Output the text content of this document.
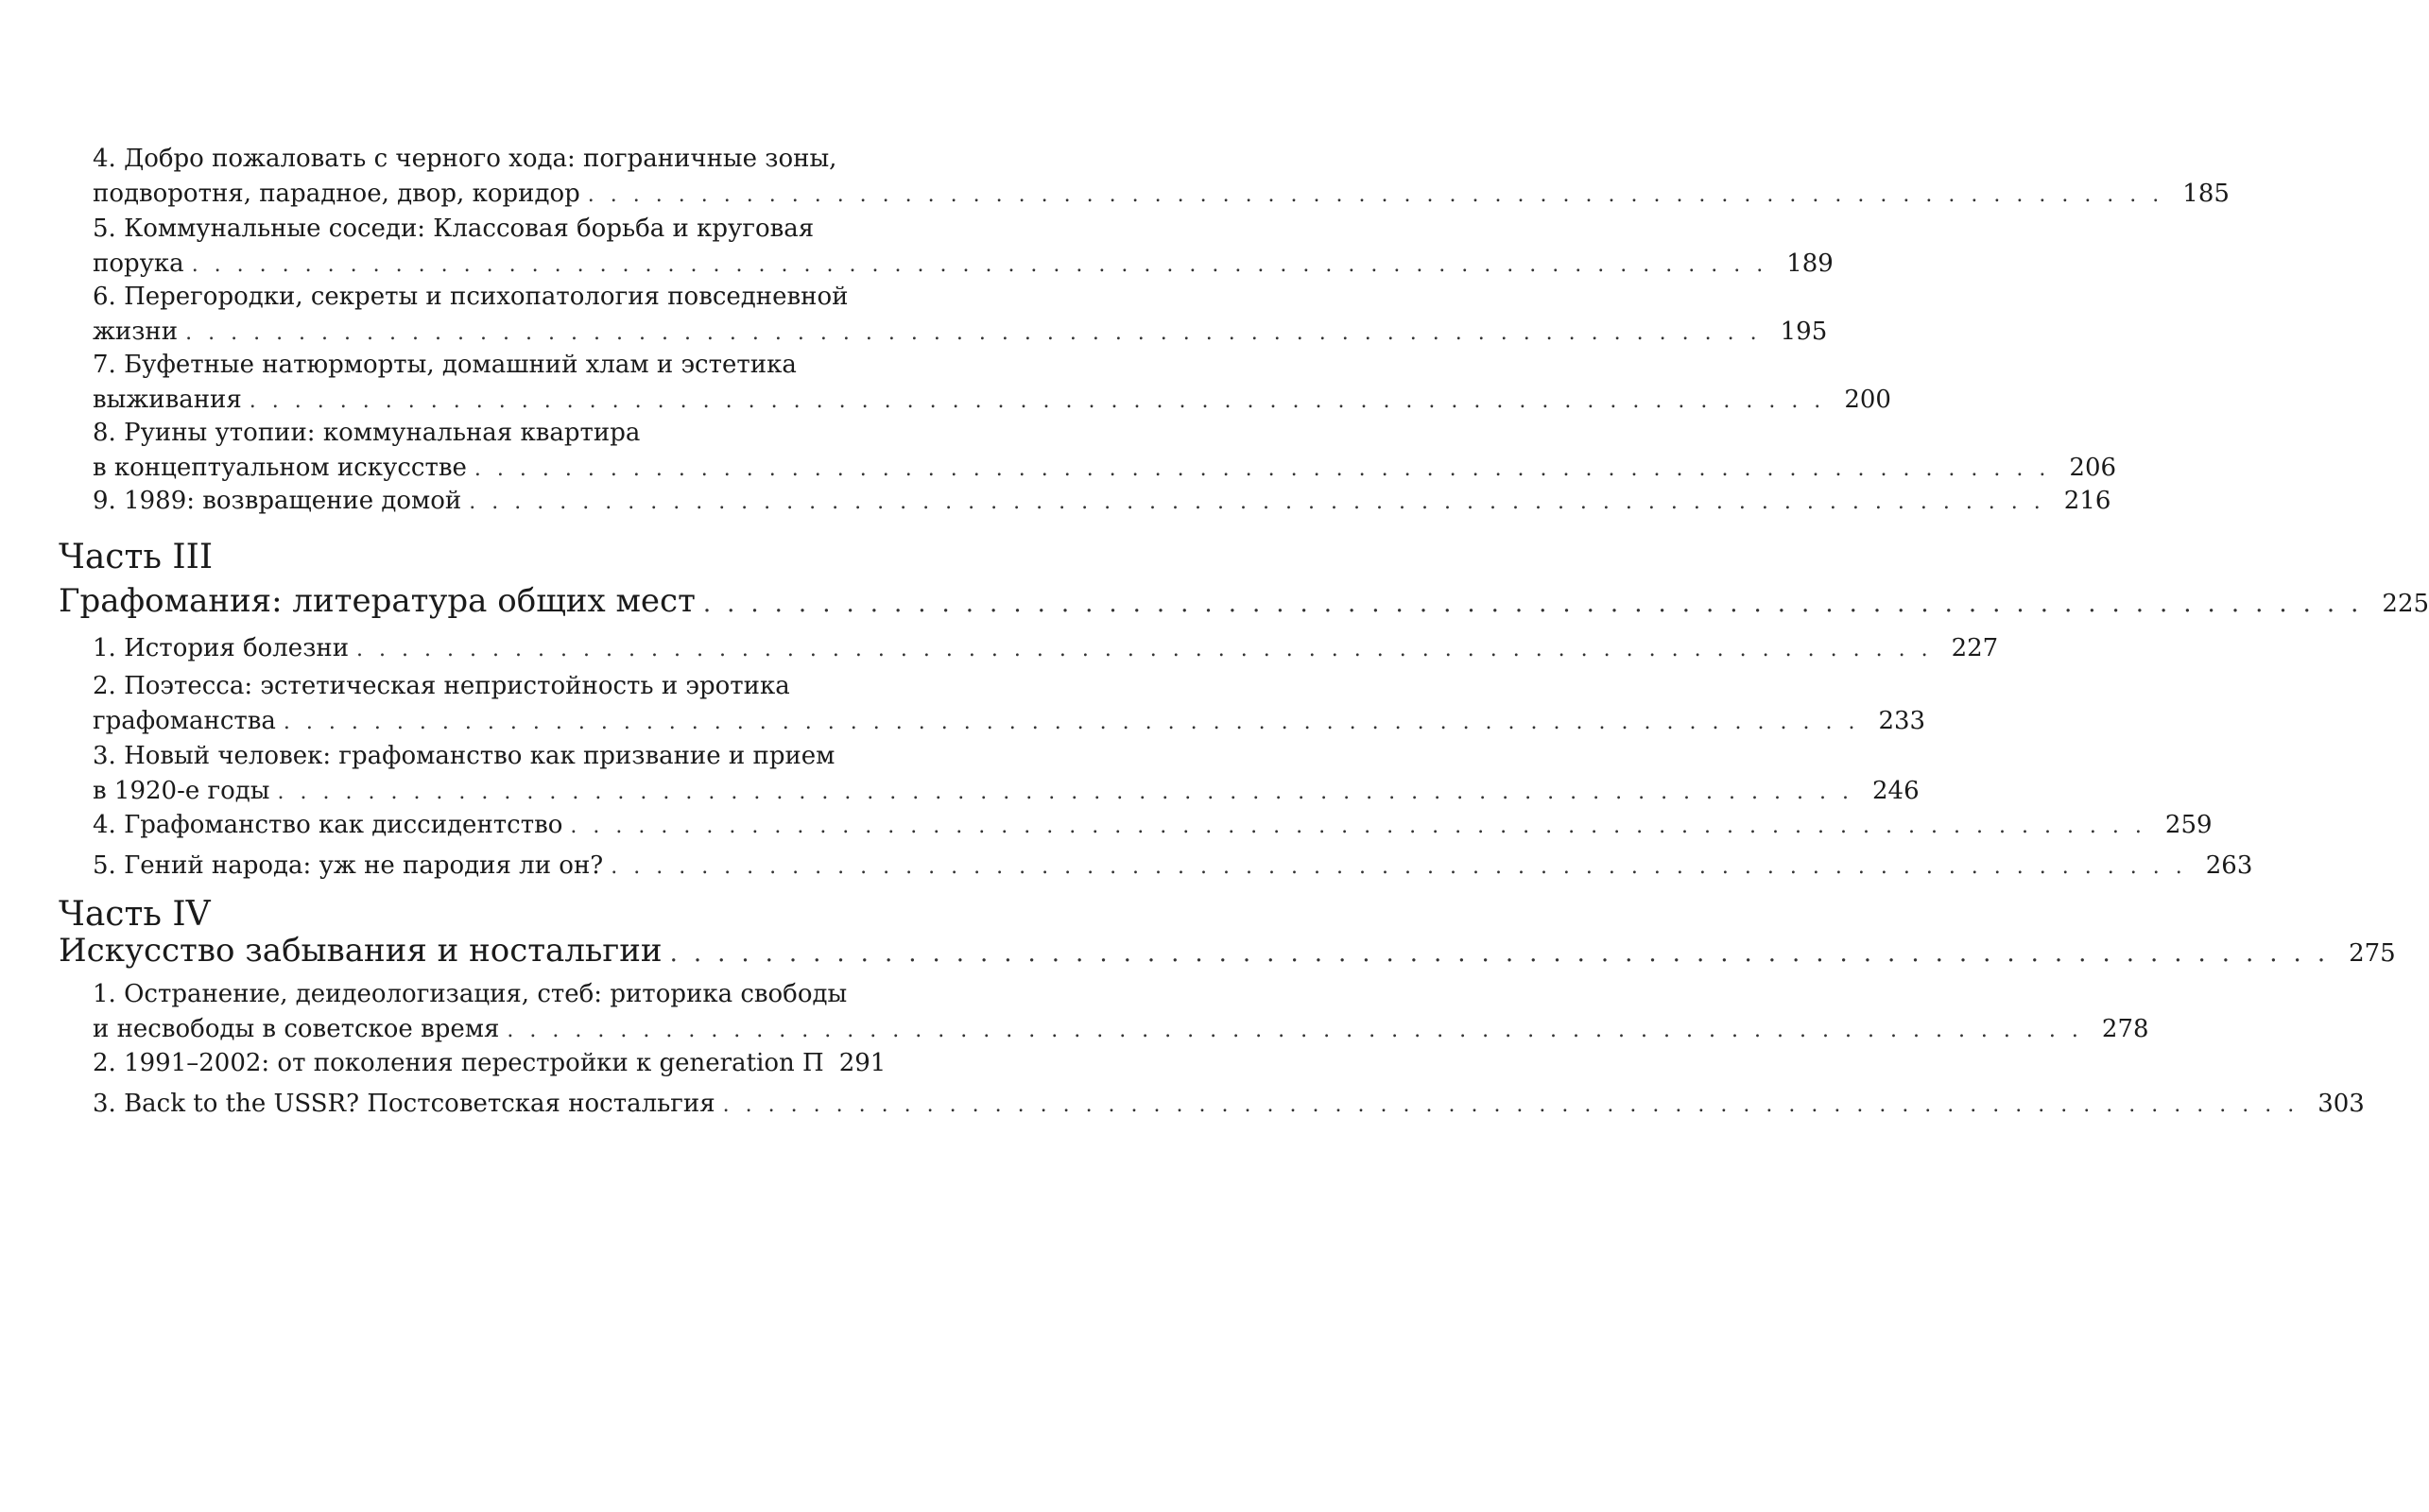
4. Добро пожаловать с черного хода: пограничные зоны,
подворотня, парадное, двор, коридор ...................................................................... 185
5. Коммунальные соседи: Классовая борьба и круговая
порука ...................................................................... 189
6. Перегородки, секреты и психопатология повседневной
жизни ...................................................................... 195
7. Буфетные натюрморты, домашний хлам и эстетика
выживания ...................................................................... 200
8. Руины утопии: коммунальная квартира
в концептуальном искусстве ...................................................................... 206
9. 1989: возвращение домой ...................................................................... 216
Часть III
Графомания: литература общих мест ...................................................................... 225
1. История болезни ...................................................................... 227
2. Поэтесса: эстетическая непристойность и эротика
графоманства ...................................................................... 233
3. Новый человек: графоманство как призвание и прием
в 1920-е годы ...................................................................... 246
4. Графоманство как диссидентство ...................................................................... 259
5. Гений народа: уж не пародия ли он? ...................................................................... 263
Часть IV
Искусство забывания и ностальгии ...................................................................... 275
1. Остранение, деидеологизация, стеб: риторика свободы
и несвободы в советское время ...................................................................... 278
2. 1991–2002: от поколения перестройки к generation П 291
3. Back to the USSR? Постсоветская ностальгия ...................................................................... 303
